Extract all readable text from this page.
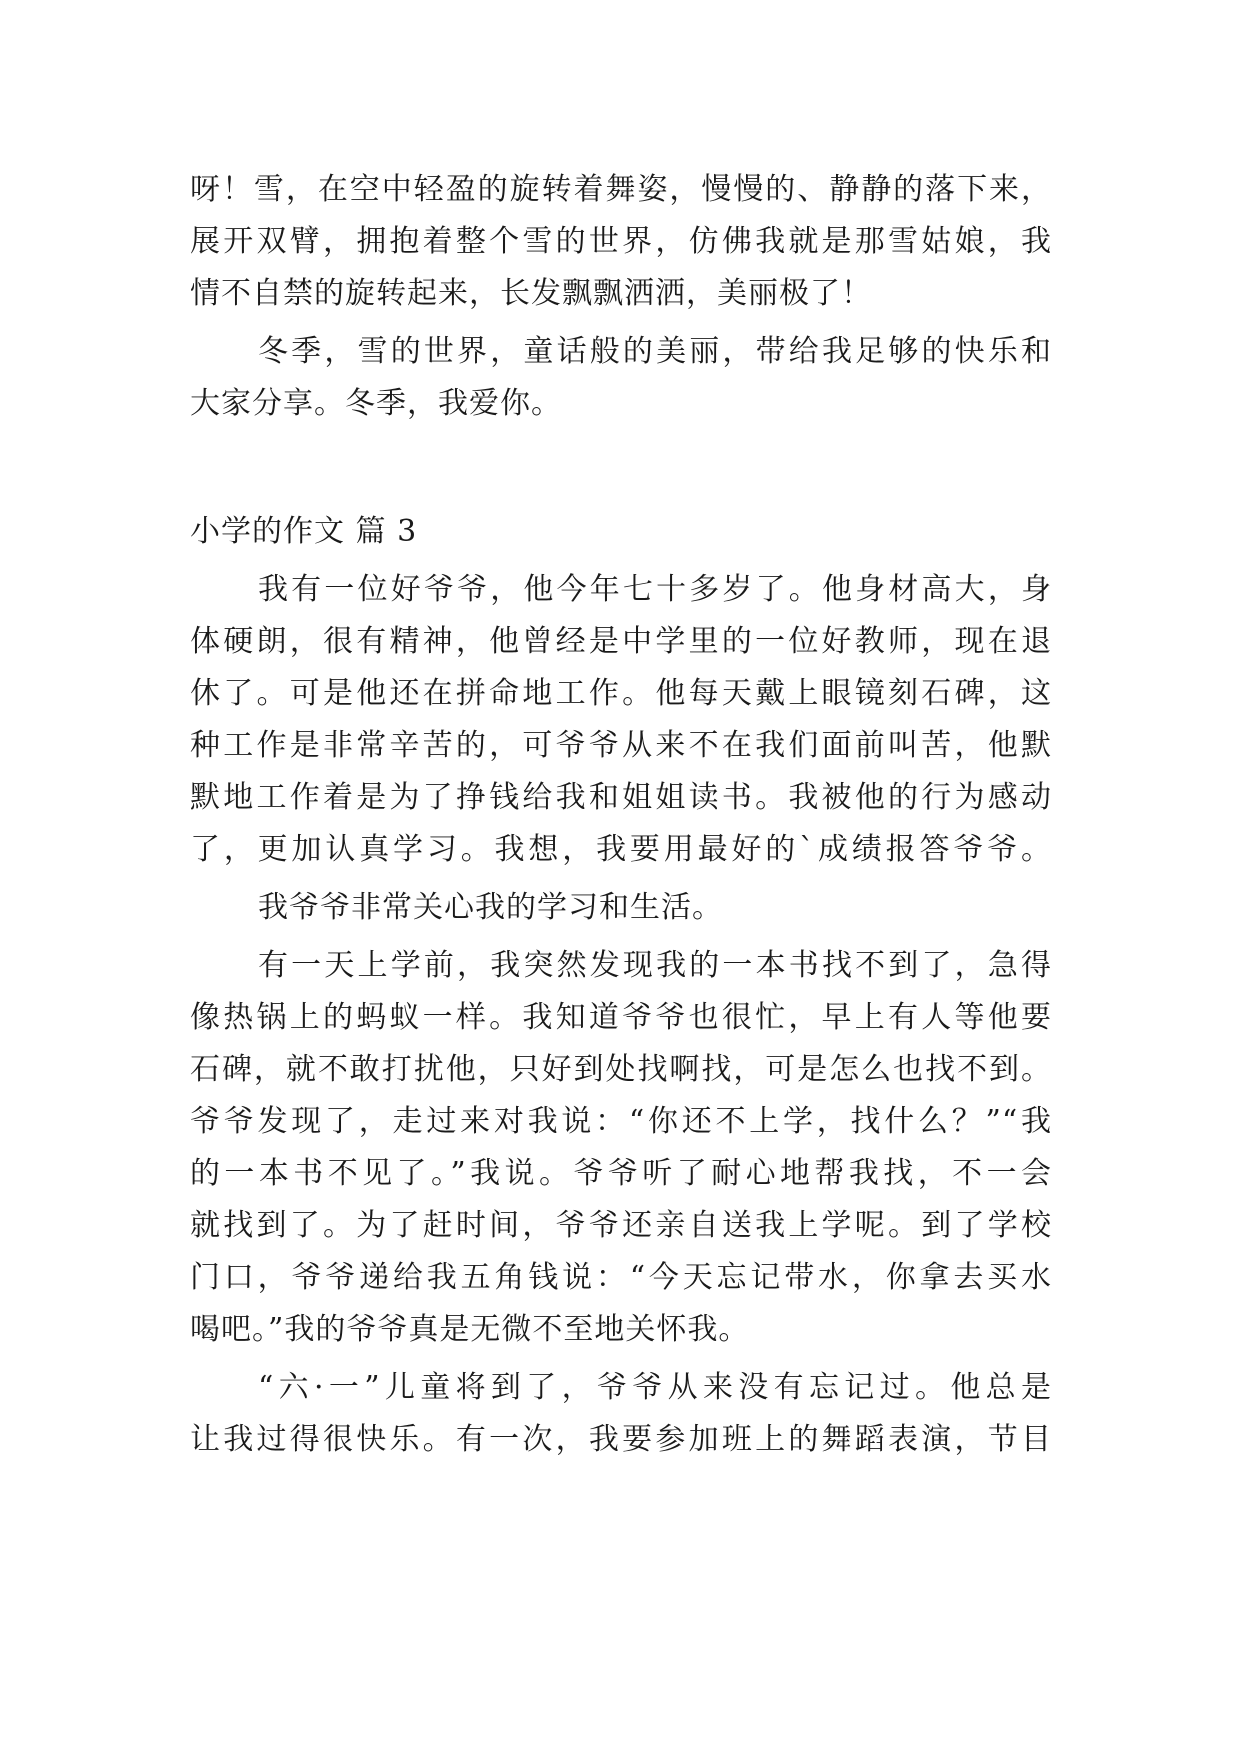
呀！雪，在空中轻盈的旋转着舞姿，慢慢的、静静的落下来，
展开双臂，拥抱着整个雪的世界，仿佛我就是那雪姑娘，我
情不自禁的旋转起来，长发飘飘洒洒，美丽极了！
冬季，雪的世界，童话般的美丽，带给我足够的快乐和
大家分享。冬季，我爱你。
小学的作文 篇 3
我有一位好爷爷，他今年七十多岁了。他身材高大，身
体硬朗，很有精神，他曾经是中学里的一位好教师，现在退
休了。可是他还在拼命地工作。他每天戴上眼镜刻石碑，这
种工作是非常辛苦的，可爷爷从来不在我们面前叫苦，他默
默地工作着是为了挣钱给我和姐姐读书。我被他的行为感动
了，更加认真学习。我想，我要用最好的`成绩报答爷爷。
我爷爷非常关心我的学习和生活。
有一天上学前，我突然发现我的一本书找不到了，急得
像热锅上的蚂蚁一样。我知道爷爷也很忙，早上有人等他要
石碑，就不敢打扰他，只好到处找啊找，可是怎么也找不到。
爷爷发现了，走过来对我说：“你还不上学，找什么？”“我
的一本书不见了。”我说。爷爷听了耐心地帮我找，不一会
就找到了。为了赶时间，爷爷还亲自送我上学呢。到了学校
门口，爷爷递给我五角钱说：“今天忘记带水，你拿去买水
喝吧。”我的爷爷真是无微不至地关怀我。
“六·一”儿童将到了，爷爷从来没有忘记过。他总是
让我过得很快乐。有一次，我要参加班上的舞蹈表演，节目
